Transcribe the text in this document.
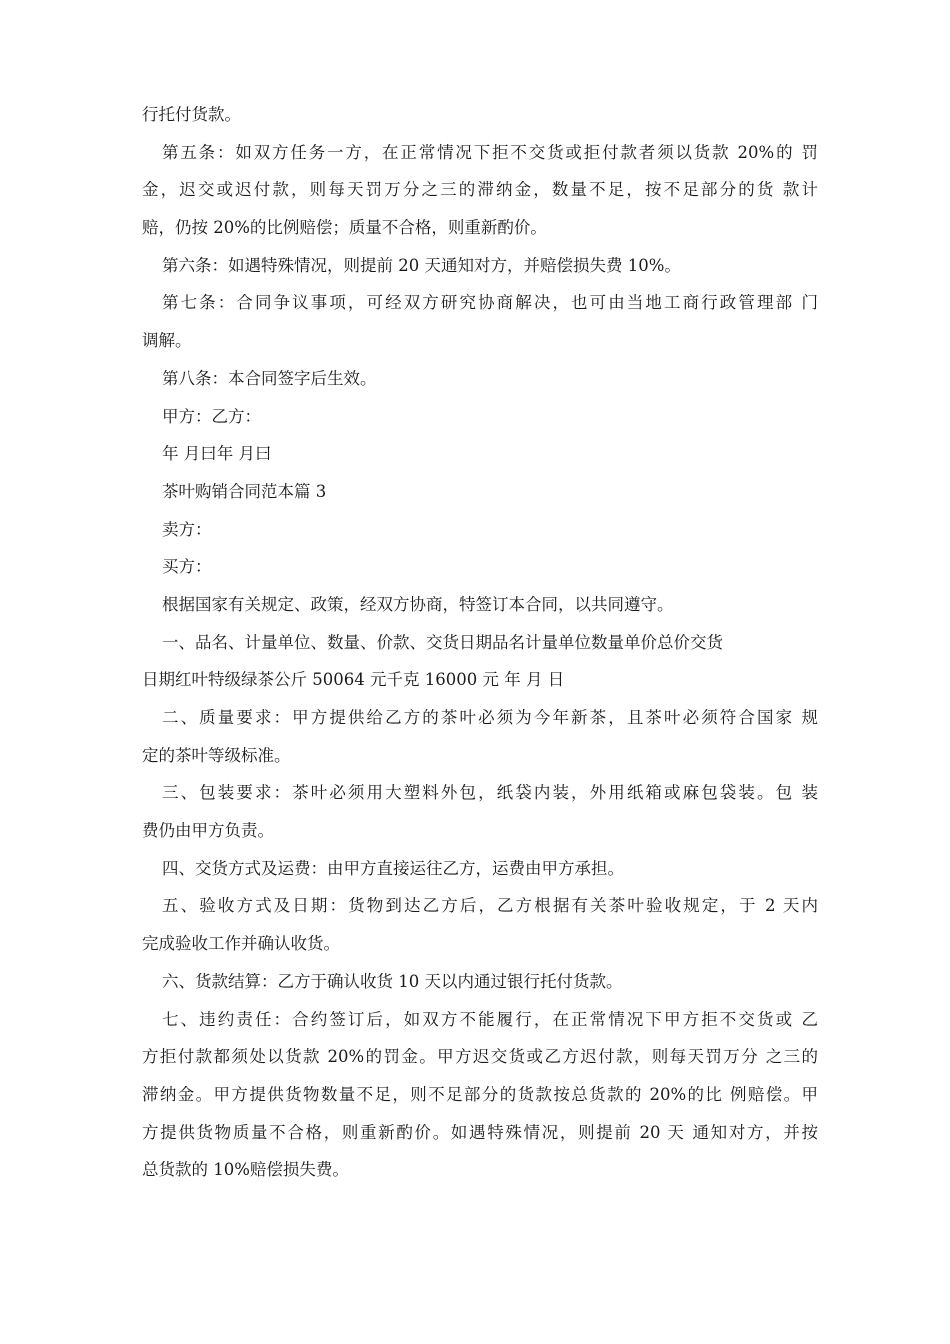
行托付货款。
第五条：如双方任务一方，在正常情况下拒不交货或拒付款者须以货款 20%的 罚
金，迟交或迟付款，则每天罚万分之三的滞纳金，数量不足，按不足部分的货 款计
赔，仍按 20%的比例赔偿；质量不合格，则重新酌价。
第六条：如遇特殊情况，则提前 20 天通知对方，并赔偿损失费 10%。
第七条：合同争议事项，可经双方研究协商解决，也可由当地工商行政管理部 门
调解。
第八条：本合同签字后生效。
甲方：乙方：
年 月曰年 月曰
茶叶购销合同范本篇 3
卖方：
买方：
根据国家有关规定、政策，经双方协商，特签订本合同，以共同遵守。
一、品名、计量单位、数量、价款、交货日期品名计量单位数量单价总价交货
日期红叶特级绿茶公斤 50064 元千克 16000 元 年 月 日
二、质量要求：甲方提供给乙方的茶叶必须为今年新茶，且茶叶必须符合国家 规
定的茶叶等级标准。
三、包装要求：茶叶必须用大塑料外包，纸袋内装，外用纸箱或麻包袋装。包 装
费仍由甲方负责。
四、交货方式及运费：由甲方直接运往乙方，运费由甲方承担。
五、验收方式及日期：货物到达乙方后，乙方根据有关茶叶验收规定，于 2 天内
完成验收工作并确认收货。
六、货款结算：乙方于确认收货 10 天以内通过银行托付货款。
七、违约责任：合约签订后，如双方不能履行，在正常情况下甲方拒不交货或 乙
方拒付款都须处以货款 20%的罚金。甲方迟交货或乙方迟付款，则每天罚万分 之三的
滞纳金。甲方提供货物数量不足，则不足部分的货款按总货款的 20%的比 例赔偿。甲
方提供货物质量不合格，则重新酌价。如遇特殊情况，则提前 20 天 通知对方，并按
总货款的 10%赔偿损失费。
